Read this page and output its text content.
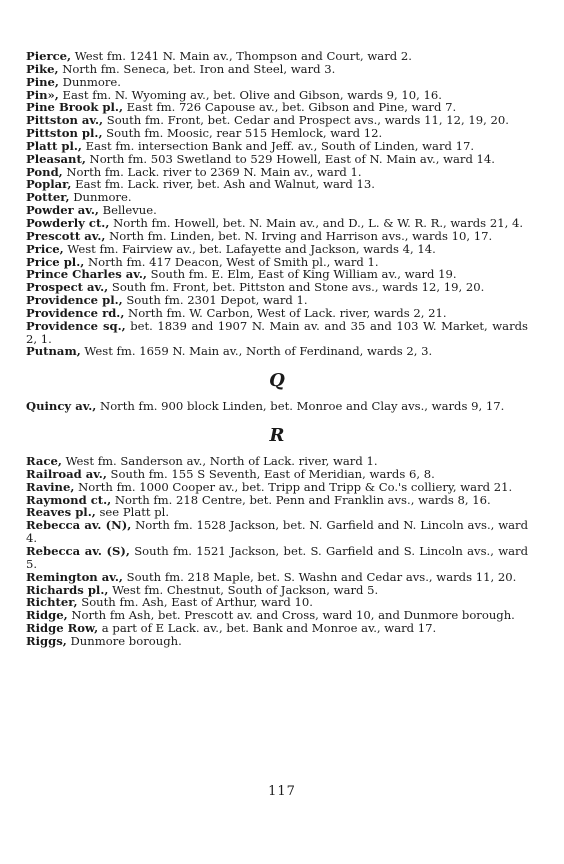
Pierce, West fm. 1241 N. Main av., Thompson and Court, ward 2.
Pike, North fm. Seneca, bet. Iron and Steel, ward 3.
Pine, Dunmore.
Pin», East fm. N. Wyoming av., bet. Olive and Gibson, wards 9, 10, 16.
Pine Brook pl., East fm. 726 Capouse av., bet. Gibson and Pine, ward 7.
Pittston av., South fm. Front, bet. Cedar and Prospect avs., wards 11, 12, 19, 20.
Pittston pl., South fm. Moosic, rear 515 Hemlock, ward 12.
Platt pl., East fm. intersection Bank and Jeff. av., South of Linden, ward 17.
Pleasant, North fm. 503 Swetland to 529 Howell, East of N. Main av., ward 14.
Pond, North fm. Lack. river to 2369 N. Main av., ward 1.
Poplar, East fm. Lack. river, bet. Ash and Walnut, ward 13.
Potter, Dunmore.
Powder av., Bellevue.
Powderly ct., North fm. Howell, bet. N. Main av., and D., L. & W. R. R., wards 21, 4.
Prescott av., North fm. Linden, bet. N. Irving and Harrison avs., wards 10, 17.
Price, West fm. Fairview av., bet. Lafayette and Jackson, wards 4, 14.
Price pl., North fm. 417 Deacon, West of Smith pl., ward 1.
Prince Charles av., South fm. E. Elm, East of King William av., ward 19.
Prospect av., South fm. Front, bet. Pittston and Stone avs., wards 12, 19, 20.
Providence pl., South fm. 2301 Depot, ward 1.
Providence rd., North fm. W. Carbon, West of Lack. river, wards 2, 21.
Providence sq., bet. 1839 and 1907 N. Main av. and 35 and 103 W. Market, wards 2, 1.
Putnam, West fm. 1659 N. Main av., North of Ferdinand, wards 2, 3.
Q
Quincy av., North fm. 900 block Linden, bet. Monroe and Clay avs., wards 9, 17.
R
Race, West fm. Sanderson av., North of Lack. river, ward 1.
Railroad av., South fm. 155 S Seventh, East of Meridian, wards 6, 8.
Ravine, North fm. 1000 Cooper av., bet. Tripp and Tripp & Co.'s colliery, ward 21.
Raymond ct., North fm. 218 Centre, bet. Penn and Franklin avs., wards 8, 16.
Reaves pl., see Platt pl.
Rebecca av. (N), North fm. 1528 Jackson, bet. N. Garfield and N. Lincoln avs., ward 4.
Rebecca av. (S), South fm. 1521 Jackson, bet. S. Garfield and S. Lincoln avs., ward 5.
Remington av., South fm. 218 Maple, bet. S. Washn and Cedar avs., wards 11, 20.
Richards pl., West fm. Chestnut, South of Jackson, ward 5.
Richter, South fm. Ash, East of Arthur, ward 10.
Ridge, North fm Ash, bet. Prescott av. and Cross, ward 10, and Dunmore borough.
Ridge Row, a part of E Lack. av., bet. Bank and Monroe av., ward 17.
Riggs, Dunmore borough.
117
